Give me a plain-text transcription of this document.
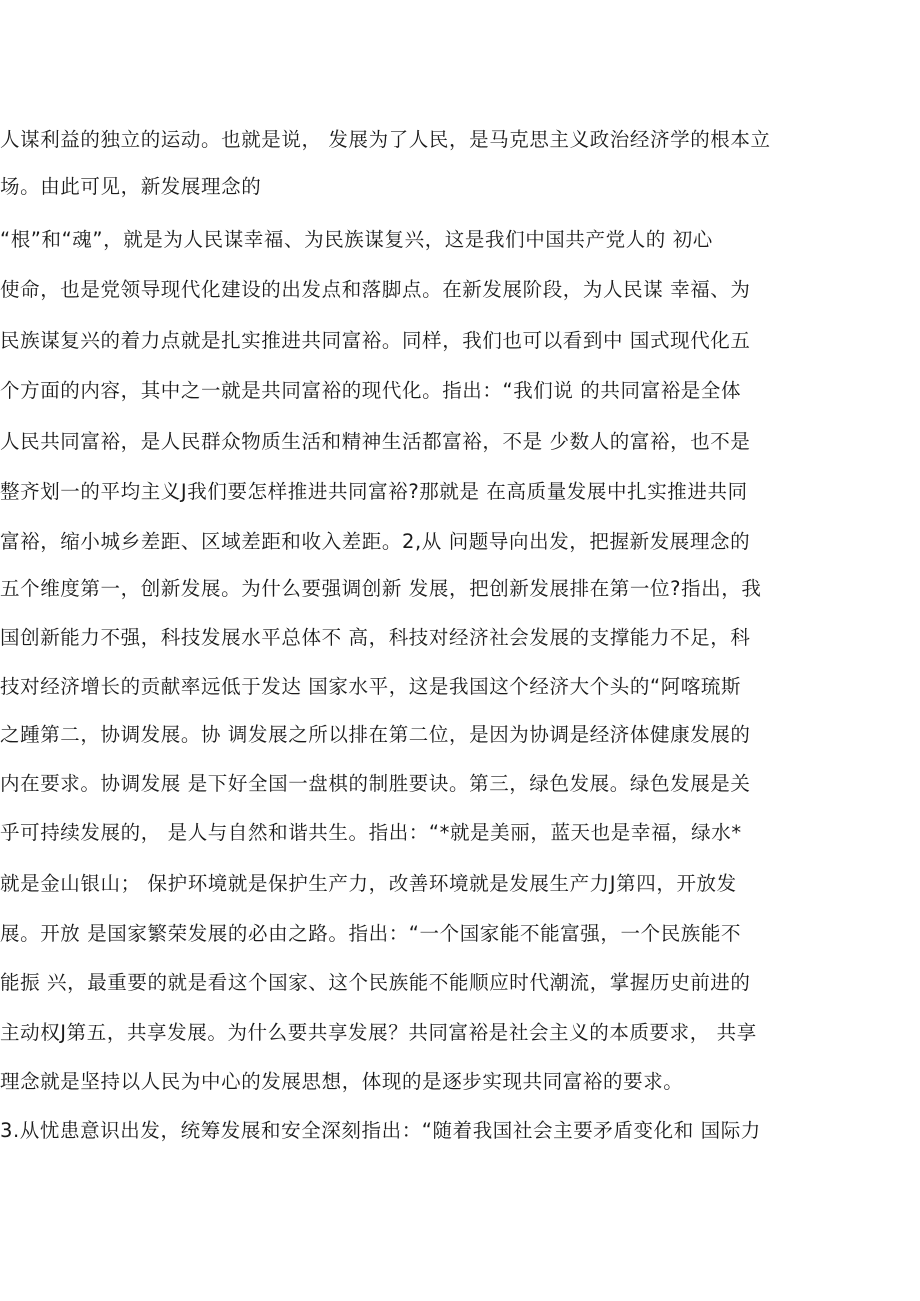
人谋利益的独立的运动。也就是说， 发展为了人民，是马克思主义政治经济学的根本立
场。由此可见，新发展理念的
“根”和“魂”，就是为人民谋幸福、为民族谋复兴，这是我们中国共产党人的 初心
使命，也是党领导现代化建设的出发点和落脚点。在新发展阶段，为人民谋 幸福、为
民族谋复兴的着力点就是扎实推进共同富裕。同样，我们也可以看到中 国式现代化五
个方面的内容，其中之一就是共同富裕的现代化。指出：“我们说 的共同富裕是全体
人民共同富裕，是人民群众物质生活和精神生活都富裕，不是 少数人的富裕，也不是
整齐划一的平均主义J我们要怎样推进共同富裕?那就是 在高质量发展中扎实推进共同
富裕，缩小城乡差距、区域差距和收入差距。2,从 问题导向出发，把握新发展理念的
五个维度第一，创新发展。为什么要强调创新 发展，把创新发展排在第一位?指出，我
国创新能力不强，科技发展水平总体不 高，科技对经济社会发展的支撑能力不足，科
技对经济增长的贡献率远低于发达 国家水平，这是我国这个经济大个头的“阿喀琉斯
之踵第二，协调发展。协 调发展之所以排在第二位，是因为协调是经济体健康发展的
内在要求。协调发展 是下好全国一盘棋的制胜要诀。第三，绿色发展。绿色发展是关
乎可持续发展的， 是人与自然和谐共生。指出：“*就是美丽，蓝天也是幸福，绿水*
就是金山银山； 保护环境就是保护生产力，改善环境就是发展生产力J第四，开放发
展。开放 是国家繁荣发展的必由之路。指出：“一个国家能不能富强，一个民族能不
能振 兴，最重要的就是看这个国家、这个民族能不能顺应时代潮流，掌握历史前进的
主动权J第五，共享发展。为什么要共享发展？共同富裕是社会主义的本质要求， 共享
理念就是坚持以人民为中心的发展思想，体现的是逐步实现共同富裕的要求。
3.从忧患意识出发，统筹发展和安全深刻指出：“随着我国社会主要矛盾变化和 国际力
